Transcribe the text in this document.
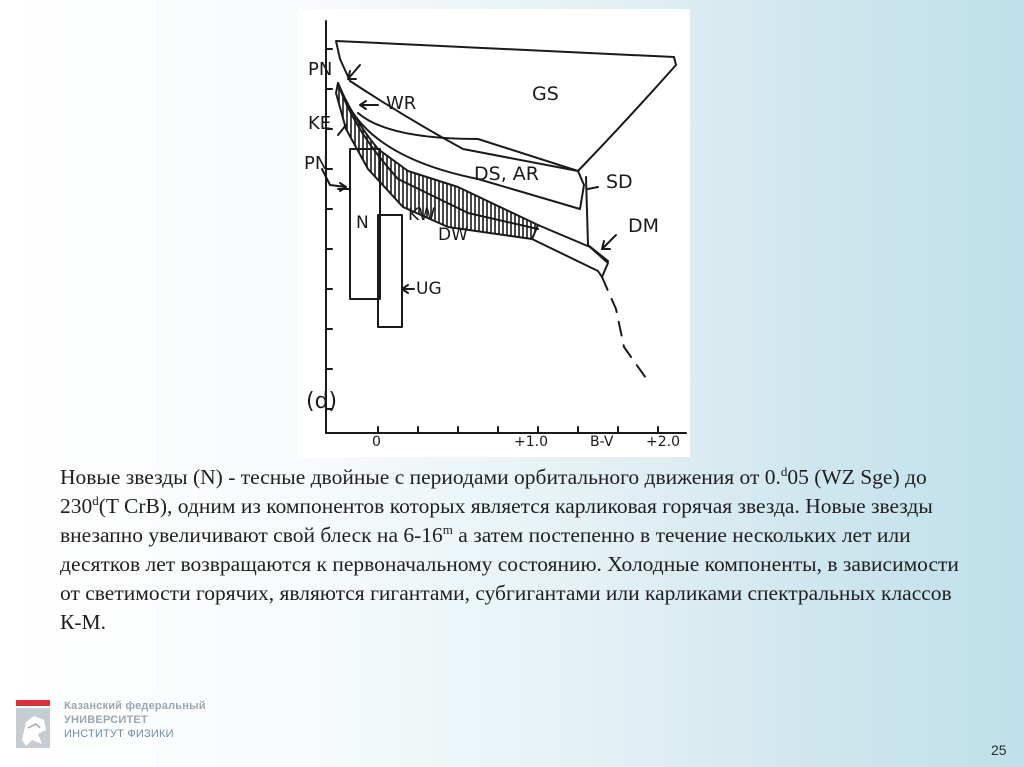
GS
PN
WR
KE
PN	DS, AR	SD
N KW
DW	DM
UG
(d)
0	+1.0	B-V +2.0
Новые звезды (N) - тесные двойные с периодами орбитального движения от 0.$^d$05 (WZ Sge) до 230$^d$(T CrB), одним из компонентов которых является карликовая горячая звезда. Новые звезды внезапно увеличивают свой блеск на 6-16$^m$ а затем постепенно в течение нескольких лет или десятков лет возвращаются к первоначальному состоянию. Холодные компоненты, в зависимости от светимости горячих, являются гигантами, субгигантами или карликами спектральных классов К-М.
Казанский федеральный
УНИВЕРСИТЕТ
ИНСТИТУТ ФИЗИКИ
25
